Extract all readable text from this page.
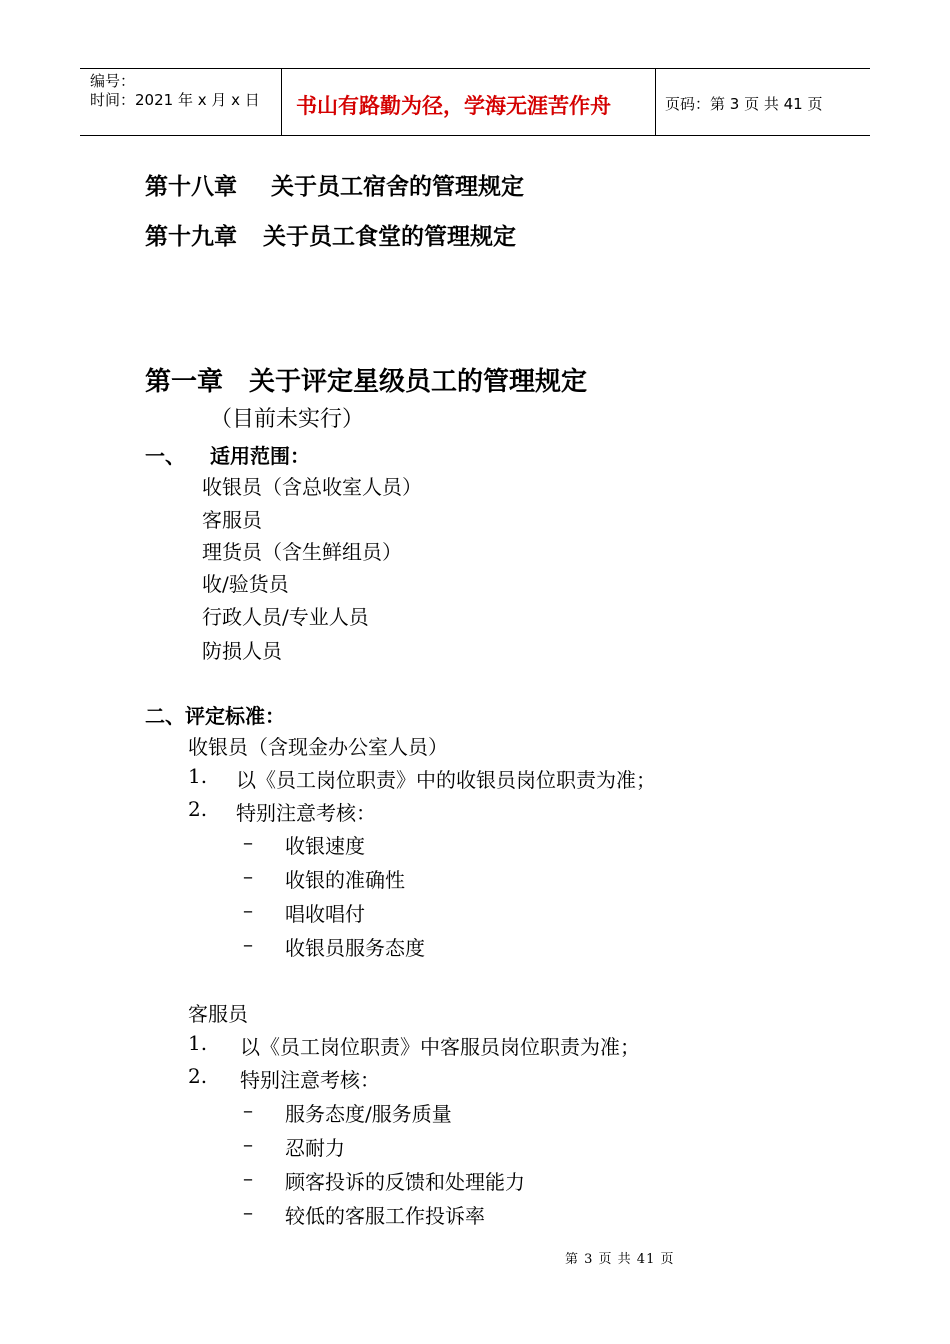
编号：
时间：2021 年 x 月 x 日 书山有路勤为径，学海无涯苦作舟	页码：第 3 页 共 41 页
第十八章 关于员工宿舍的管理规定
第十九章 关于员工食堂的管理规定
第一章　关于评定星级员工的管理规定
（目前未实行）
一、 适用范围：
收银员（含总收室人员）
客服员
理货员（含生鲜组员）
收/验货员
行政人员/专业人员
防损人员
二、评定标准：
收银员（含现金办公室人员）
1. 以《员工岗位职责》中的收银员岗位职责为准；
2. 特别注意考核：
– 收银速度
– 收银的准确性
– 唱收唱付
– 收银员服务态度
客服员
1. 以《员工岗位职责》中客服员岗位职责为准；
2. 特别注意考核：
– 服务态度/服务质量
– 忍耐力
– 顾客投诉的反馈和处理能力
– 较低的客服工作投诉率
第 3 页 共 41 页
